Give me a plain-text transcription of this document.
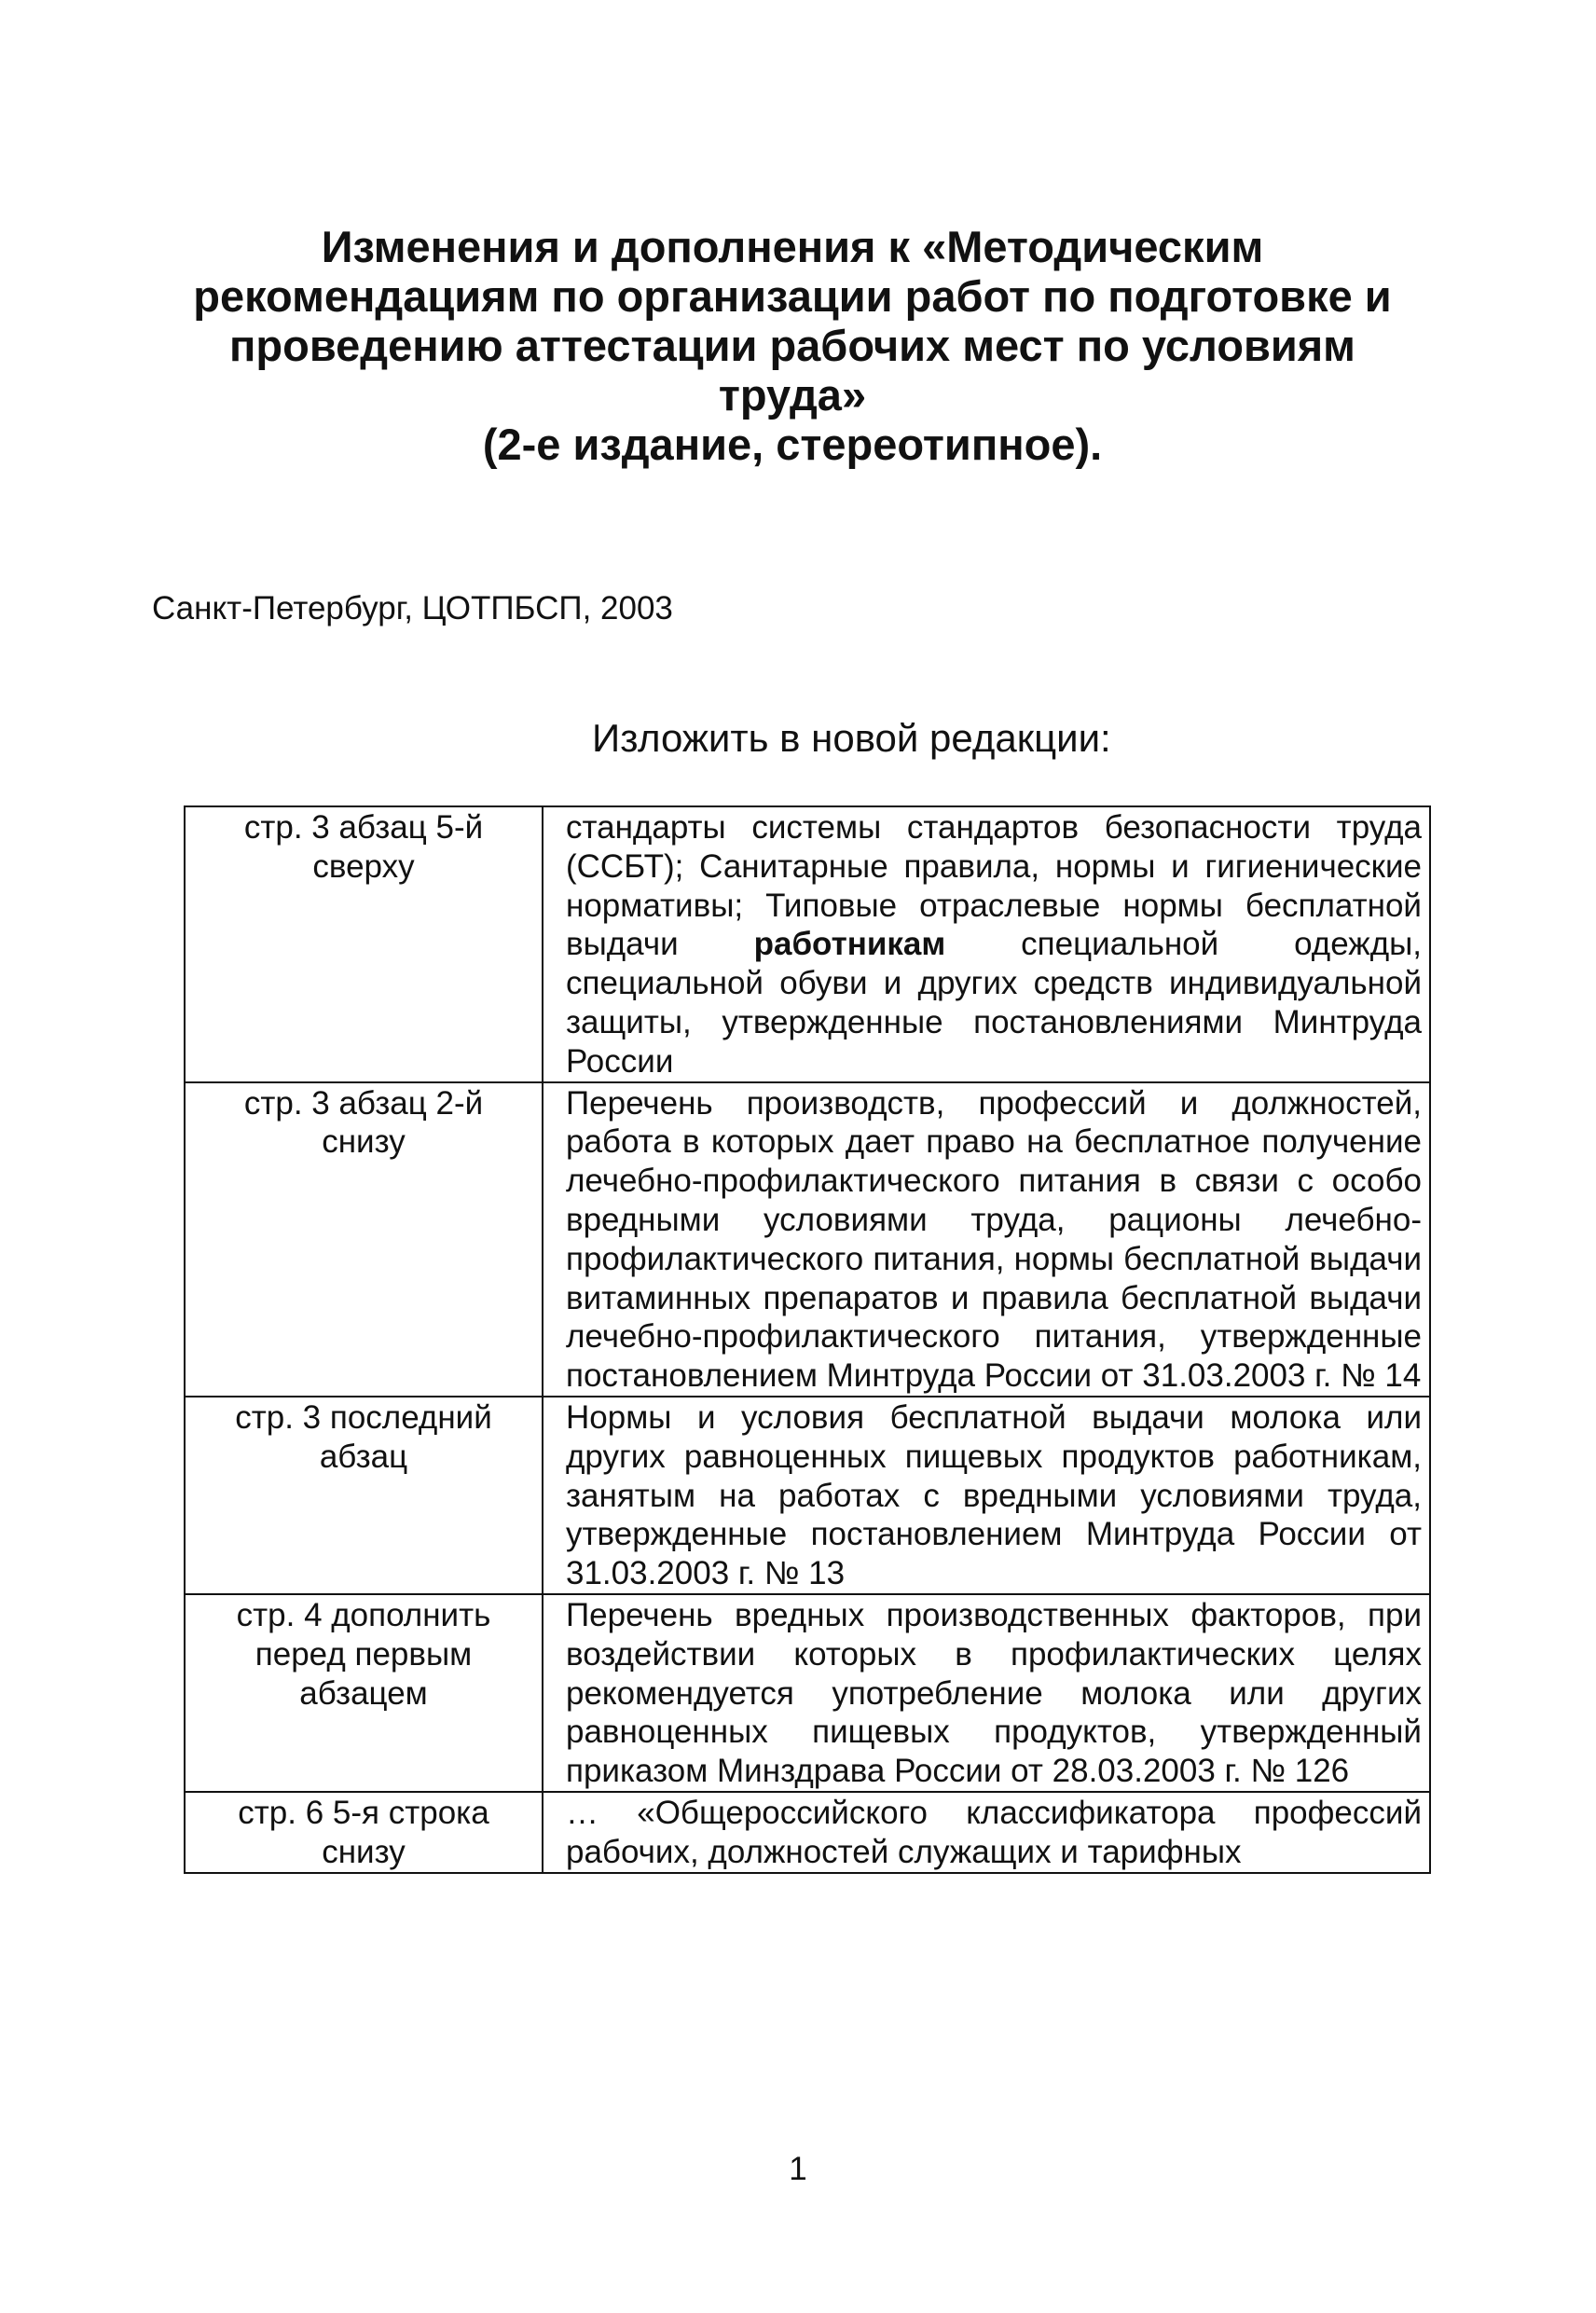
Изменения и дополнения к «Методическим
рекомендациям по организации работ по подготовке и
проведению аттестации рабочих мест по условиям
труда»
(2-е издание, стереотипное).
Санкт-Петербург, ЦОТПБСП, 2003
Изложить в новой редакции:
стр. 3 абзац 5-й сверху	стандарты системы стандартов безопасности труда (ССБТ); Санитарные правила, нормы и гигиенические нормативы; Типовые отраслевые нормы бесплатной выдачи работникам специальной одежды, специальной обуви и других средств индивидуальной защиты, утвержденные постановлениями Минтруда России
стр. 3 абзац 2-й снизу	Перечень производств, профессий и должностей, работа в которых дает право на бесплатное получение лечебно-профилактического питания в связи с особо вредными условиями труда, рационы лечебно-профилактического питания, нормы бесплатной выдачи витаминных препаратов и правила бесплатной выдачи лечебно-профилактического питания, утвержденные постановлением Минтруда России от 31.03.2003 г. № 14
стр. 3 последний абзац	Нормы и условия бесплатной выдачи молока или других равноценных пищевых продуктов работникам, занятым на работах с вредными условиями труда, утвержденные постановлением Минтруда России от 31.03.2003 г. № 13
стр. 4 дополнить перед первым абзацем	Перечень вредных производственных факторов, при воздействии которых в профилактических целях рекомендуется употребление молока или других равноценных пищевых продуктов, утвержденный приказом Минздрава России от 28.03.2003 г. № 126

стр. 6 5-я строка снизу	… «Общероссийского классификатора профессий рабочих, должностей служащих и тарифных
1
